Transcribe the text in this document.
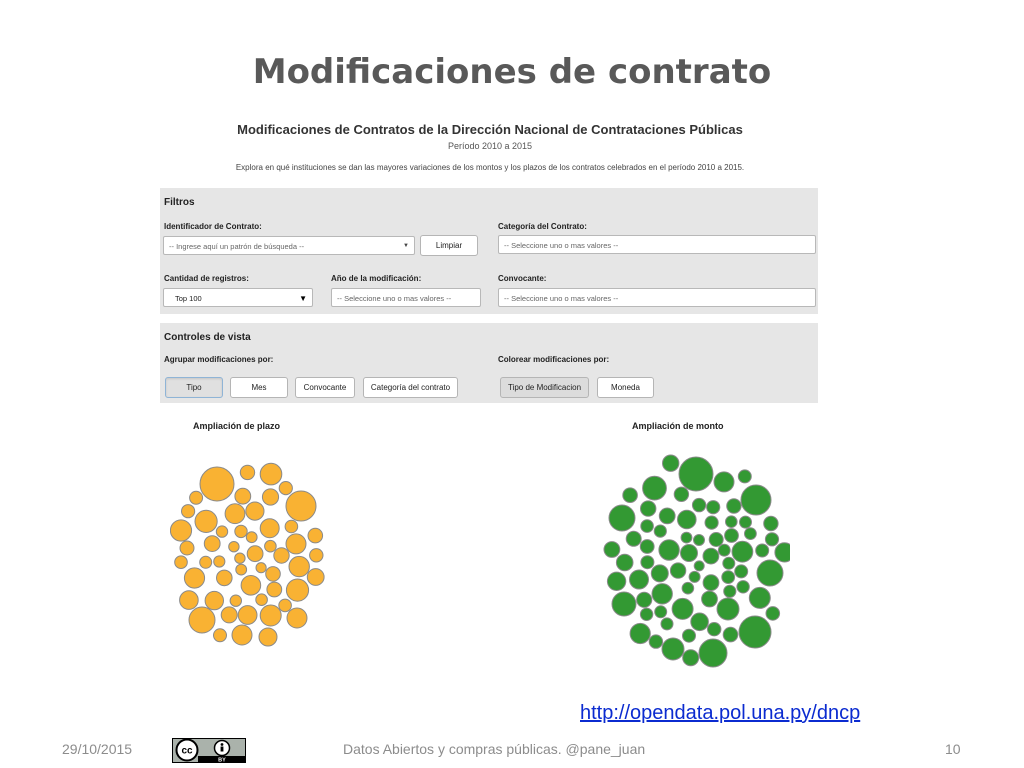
Modificaciones de contrato
Modificaciones de Contratos de la Dirección Nacional de Contrataciones Públicas
Período 2010 a 2015
Explora en qué instituciones se dan las mayores variaciones de los montos y los plazos de los contratos celebrados en el período 2010 a 2015.
Filtros
Identificador de Contrato:
-- Ingrese aquí un patrón de búsqueda --	▼	Limpiar
Categoría del Contrato:
-- Seleccione uno o mas valores --
Cantidad de registros:
Top 100	▼
Año de la modificación:
-- Seleccione uno o mas valores --
Convocante:
-- Seleccione uno o mas valores --
Controles de vista
Agrupar modificaciones por:
Tipo	Mes	Convocante	Categoría del contrato
Colorear modificaciones por:
Tipo de Modificacion	Moneda
Ampliación de plazo	Ampliación de monto
http://opendata.pol.una.py/dncp
29/10/2015	cc
BY
Datos Abiertos y compras públicas. @pane_juan	10
